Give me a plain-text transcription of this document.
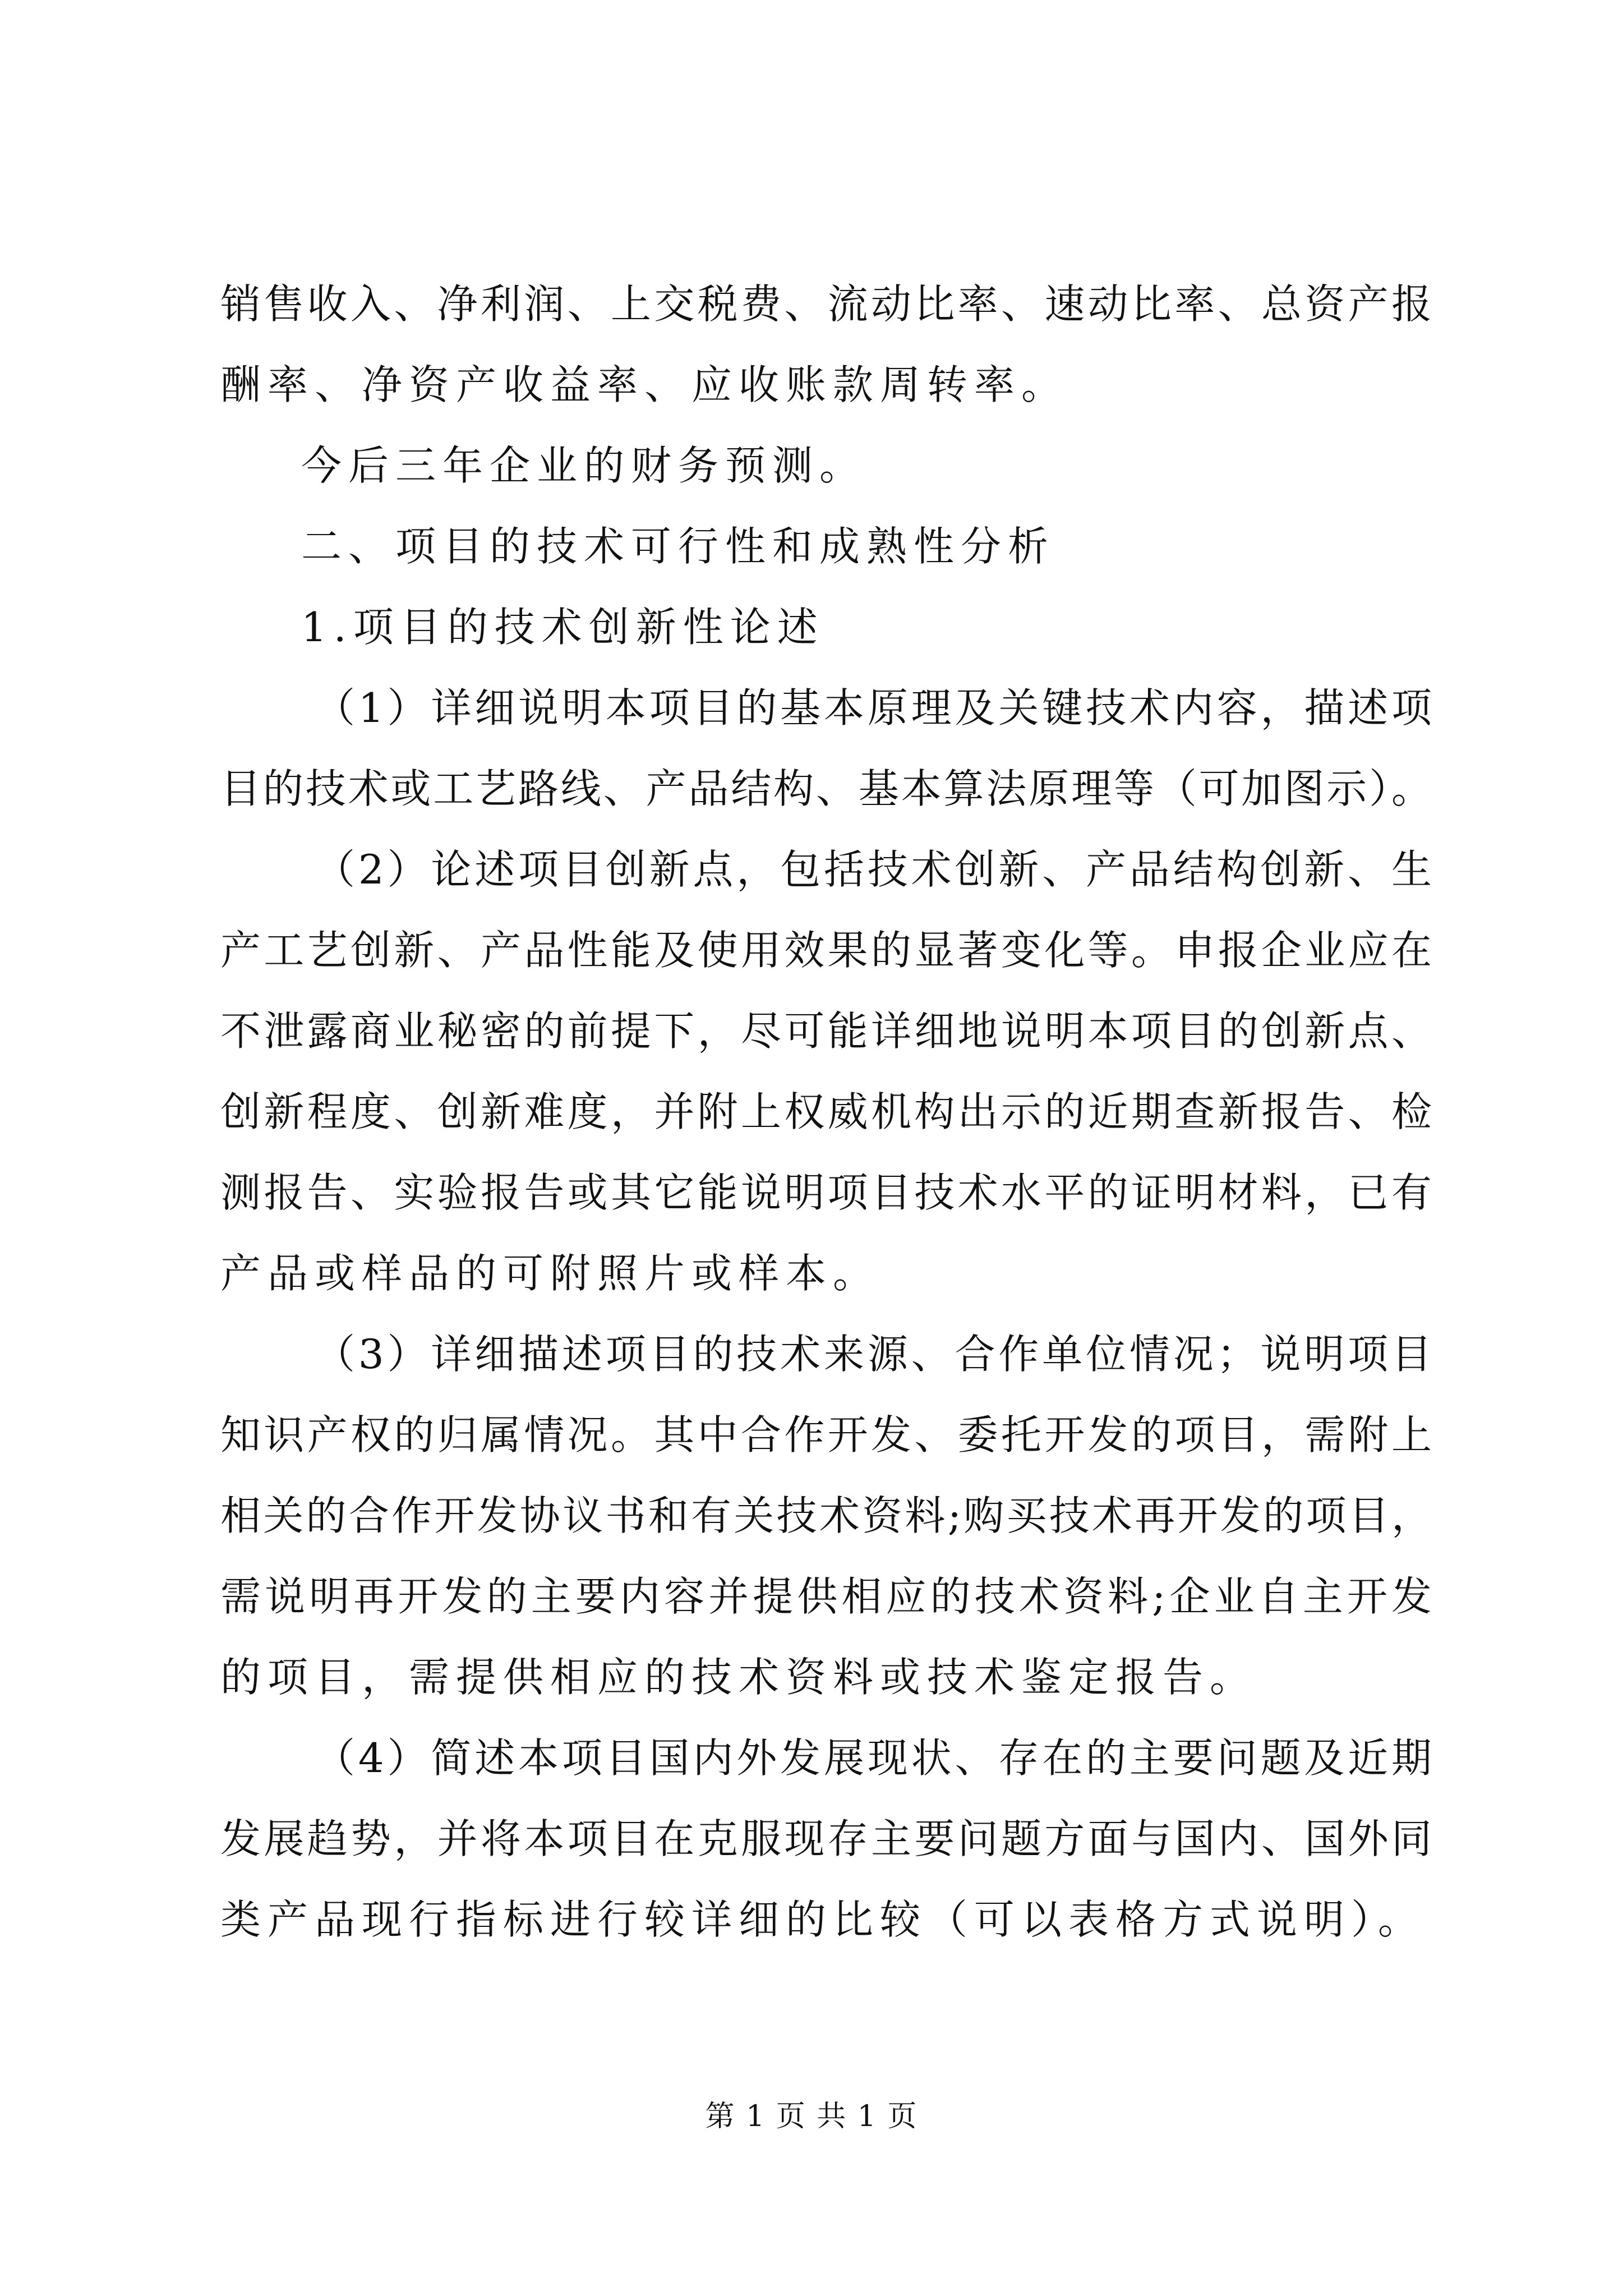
销售收入、净利润、上交税费、流动比率、速动比率、总资产报
酬率、净资产收益率、应收账款周转率。
今后三年企业的财务预测。
二、项目的技术可行性和成熟性分析
1.项目的技术创新性论述
（1）详细说明本项目的基本原理及关键技术内容，描述项
目的技术或工艺路线、产品结构、基本算法原理等（可加图示）。
（2）论述项目创新点，包括技术创新、产品结构创新、生
产工艺创新、产品性能及使用效果的显著变化等。申报企业应在
不泄露商业秘密的前提下，尽可能详细地说明本项目的创新点、
创新程度、创新难度，并附上权威机构出示的近期查新报告、检
测报告、实验报告或其它能说明项目技术水平的证明材料，已有
产品或样品的可附照片或样本。
（3）详细描述项目的技术来源、合作单位情况；说明项目
知识产权的归属情况。其中合作开发、委托开发的项目，需附上
相关的合作开发协议书和有关技术资料;购买技术再开发的项目，
需说明再开发的主要内容并提供相应的技术资料;企业自主开发
的项目，需提供相应的技术资料或技术鉴定报告。
（4）简述本项目国内外发展现状、存在的主要问题及近期
发展趋势，并将本项目在克服现存主要问题方面与国内、国外同
类产品现行指标进行较详细的比较（可以表格方式说明）。
第 1 页 共 1 页
